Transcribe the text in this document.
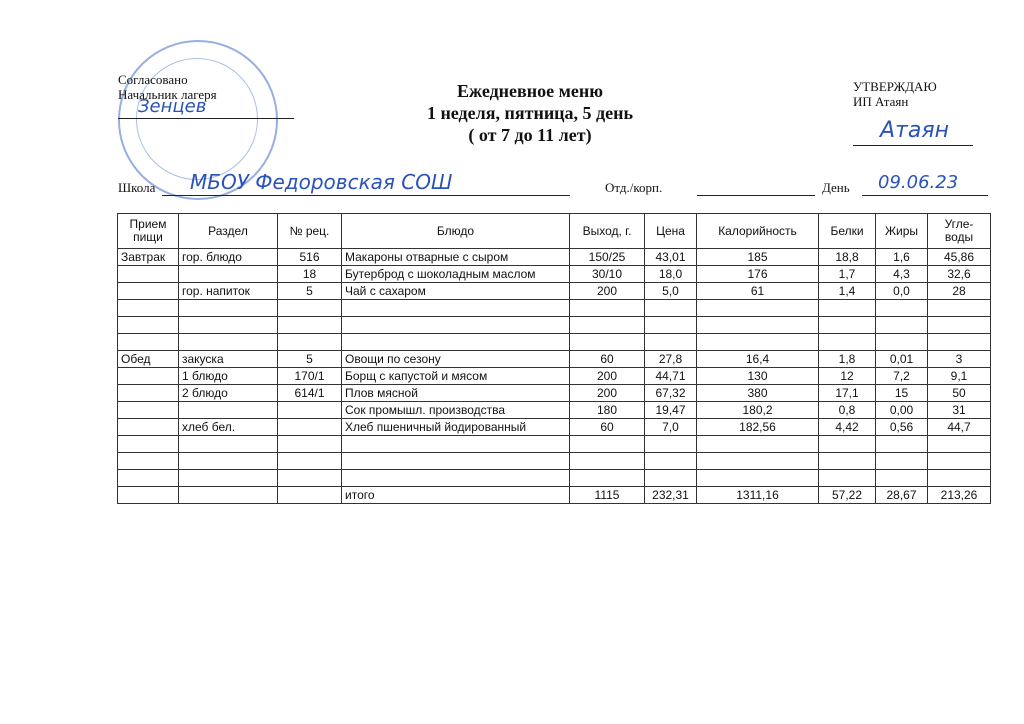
Согласовано
Начальник лагеря
Зенцев
Ежедневное меню
1 неделя, пятница, 5 день
( от 7 до 11 лет)
УТВЕРЖДАЮ
ИП Атаян
Атаян
Школа МБОУ Федоровская СОШ	Отд./корп.	День 09.06.23
Прием пищи	Раздел	№ рец.	Блюдо	Выход, г.	Цена	Калорийность	Белки	Жиры	Угле-воды
Завтрак	гор. блюдо	516	Макароны отварные с сыром	150/25	43,01	185	18,8	1,6	45,86
		18	Бутерброд с шоколадным маслом	30/10	18,0	176	1,7	4,3	32,6
	гор. напиток	5	Чай с сахаром	200	5,0	61	1,4	0,0	28

Обед	закуска	5	Овощи по сезону	60	27,8	16,4	1,8	0,01	3
	1 блюдо	170/1	Борщ с капустой и мясом	200	44,71	130	12	7,2	9,1
	2 блюдо	614/1	Плов мясной	200	67,32	380	17,1	15	50
			Сок промышл. производства	180	19,47	180,2	0,8	0,00	31
	хлеб бел.		Хлеб пшеничный йодированный	60	7,0	182,56	4,42	0,56	44,7

			итого	1115	232,31	1311,16	57,22	28,67	213,26
